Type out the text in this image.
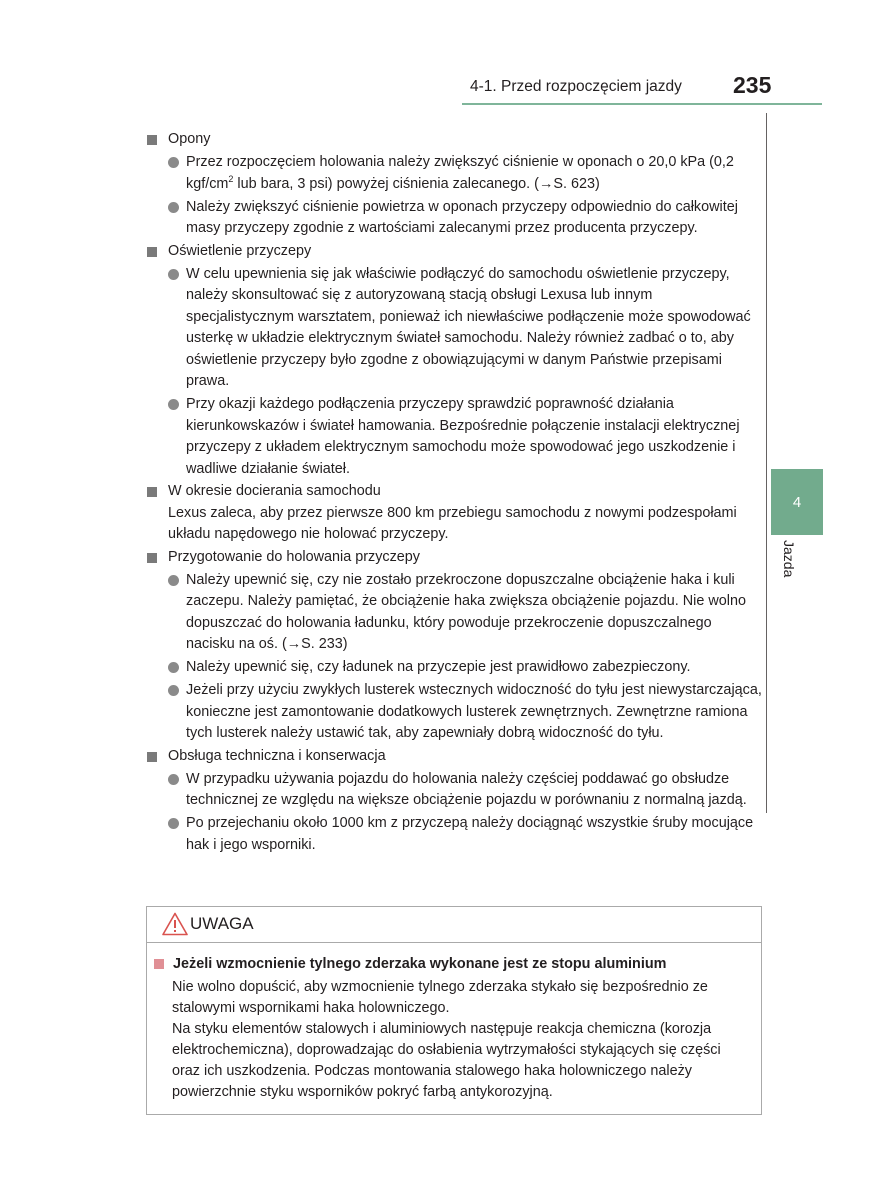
4-1. Przed rozpoczęciem jazdy 235
4
Jazda
Opony
Przez rozpoczęciem holowania należy zwiększyć ciśnienie w oponach o 20,0 kPa (0,2 kgf/$cm^2$ lub bara, 3 psi) powyżej ciśnienia zalecanego. (→S. 623)
Należy zwiększyć ciśnienie powietrza w oponach przyczepy odpowiednio do całkowitej masy przyczepy zgodnie z wartościami zalecanymi przez producenta przyczepy.
Oświetlenie przyczepy
W celu upewnienia się jak właściwie podłączyć do samochodu oświetlenie przyczepy, należy skonsultować się z autoryzowaną stacją obsługi Lexusa lub innym specjalistycznym warsztatem, ponieważ ich niewłaściwe podłączenie może spowodować usterkę w układzie elektrycznym świateł samochodu. Należy również zadbać o to, aby oświetlenie przyczepy było zgodne z obowiązującymi w danym Państwie przepisami prawa.
Przy okazji każdego podłączenia przyczepy sprawdzić poprawność działania kierunkowskazów i świateł hamowania. Bezpośrednie połączenie instalacji elektrycznej przyczepy z układem elektrycznym samochodu może spowodować jego uszkodzenie i wadliwe działanie świateł.
W okresie docierania samochodu
Lexus zaleca, aby przez pierwsze 800 km przebiegu samochodu z nowymi podzespołami układu napędowego nie holować przyczepy.
Przygotowanie do holowania przyczepy
Należy upewnić się, czy nie zostało przekroczone dopuszczalne obciążenie haka i kuli zaczepu. Należy pamiętać, że obciążenie haka zwiększa obciążenie pojazdu. Nie wolno dopuszczać do holowania ładunku, który powoduje przekroczenie dopuszczalnego nacisku na oś. (→S. 233)
Należy upewnić się, czy ładunek na przyczepie jest prawidłowo zabezpieczony.
Jeżeli przy użyciu zwykłych lusterek wstecznych widoczność do tyłu jest niewystarczająca, konieczne jest zamontowanie dodatkowych lusterek zewnętrznych. Zewnętrzne ramiona tych lusterek należy ustawić tak, aby zapewniały dobrą widoczność do tyłu.
Obsługa techniczna i konserwacja
W przypadku używania pojazdu do holowania należy częściej poddawać go obsłudze technicznej ze względu na większe obciążenie pojazdu w porównaniu z normalną jazdą.
Po przejechaniu około 1000 km z przyczepą należy dociągnąć wszystkie śruby mocujące hak i jego wsporniki.
UWAGA
Jeżeli wzmocnienie tylnego zderzaka wykonane jest ze stopu aluminium
Nie wolno dopuścić, aby wzmocnienie tylnego zderzaka stykało się bezpośrednio ze stalowymi wspornikami haka holowniczego.
Na styku elementów stalowych i aluminiowych następuje reakcja chemiczna (korozja elektrochemiczna), doprowadzając do osłabienia wytrzymałości stykających się części oraz ich uszkodzenia. Podczas montowania stalowego haka holowniczego należy powierzchnie styku wsporników pokryć farbą antykorozyjną.
